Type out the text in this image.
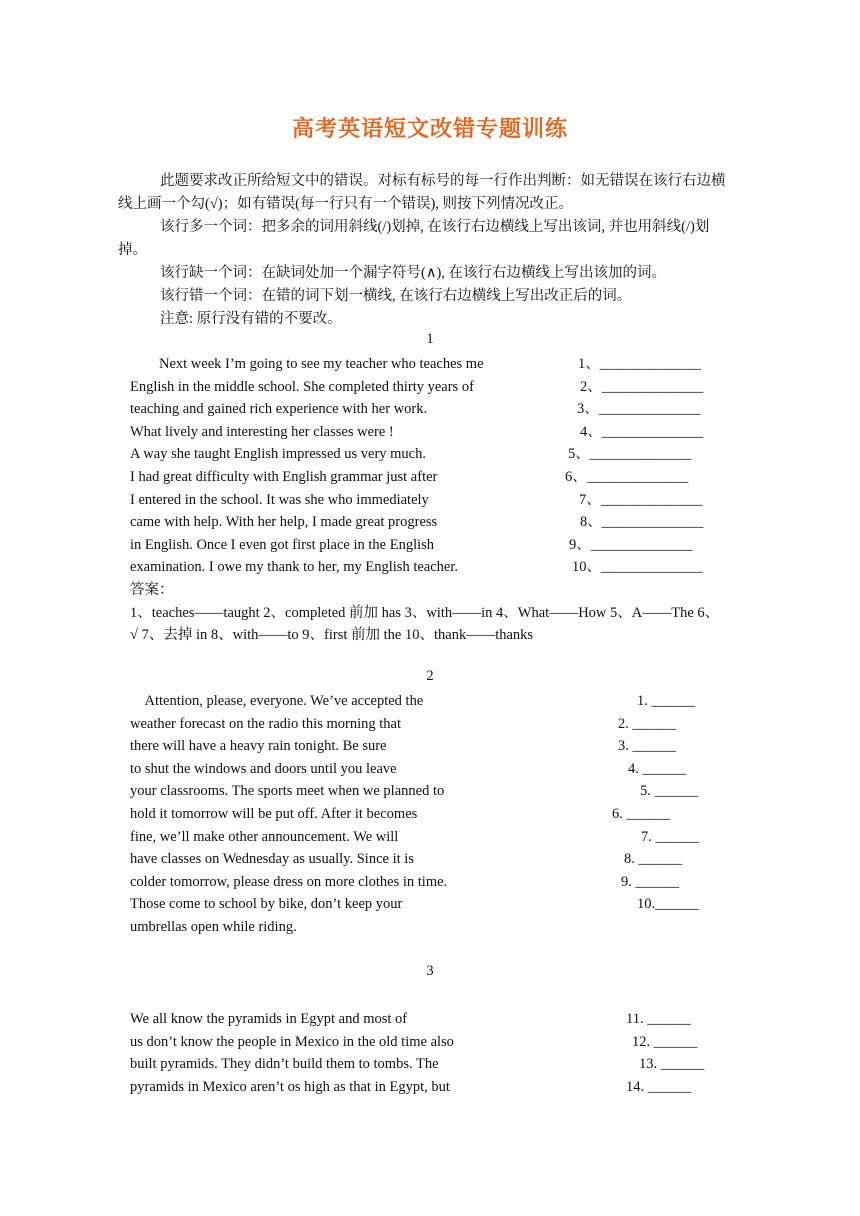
高考英语短文改错专题训练

此题要求改正所给短文中的错误。对标有标号的每一行作出判断：如无错误在该行右边横线上画一个勾(√)；如有错误(每一行只有一个错误), 则按下列情况改正。

该行多一个词：把多余的词用斜线(/)划掉, 在该行右边横线上写出该词, 并也用斜线(/)划掉。

该行缺一个词：在缺词处加一个漏字符号(∧), 在该行右边横线上写出该加的词。

该行错一个词：在错的词下划一横线, 在该行右边横线上写出改正后的词。

注意: 原行没有错的不要改。

1
　　Next week I’m going to see my teacher who teaches me	1、______________
English in the middle school. She completed thirty years of	2、______________
teaching and gained rich experience with her work.	3、______________
What lively and interesting her classes were !	4、______________
A way she taught English impressed us very much.	5、______________
I had great difficulty with English grammar just after	6、______________
I entered in the school. It was she who immediately	7、______________
came with help. With her help, I made great progress	8、______________
in English. Once I even got first place in the English	9、______________
examination. I owe my thank to her, my English teacher.	10、______________
答案：
1、teaches——taught 2、completed 前加 has 3、with——in 4、What——How 5、A——The 6、
√ 7、去掉 in 8、with——to 9、first 前加 the 10、thank——thanks
2
　Attention, please, everyone. We’ve accepted the	1. ______
weather forecast on the radio this morning that	2. ______
there will have a heavy rain tonight. Be sure	3. ______
to shut the windows and doors until you leave	4. ______
your classrooms. The sports meet when we planned to	5. ______
hold it tomorrow will be put off. After it becomes	6. ______
fine, we’ll make other announcement. We will	7. ______
have classes on Wednesday as usually. Since it is	8. ______
colder tomorrow, please dress on more clothes in time.	9. ______
Those come to school by bike, don’t keep your	10.______
umbrellas open while riding.
3
We all know the pyramids in Egypt and most of	11. ______
us don’t know the people in Mexico in the old time also	12. ______
built pyramids. They didn’t build them to tombs. The	13. ______
pyramids in Mexico aren’t os high as that in Egypt, but	14. ______
